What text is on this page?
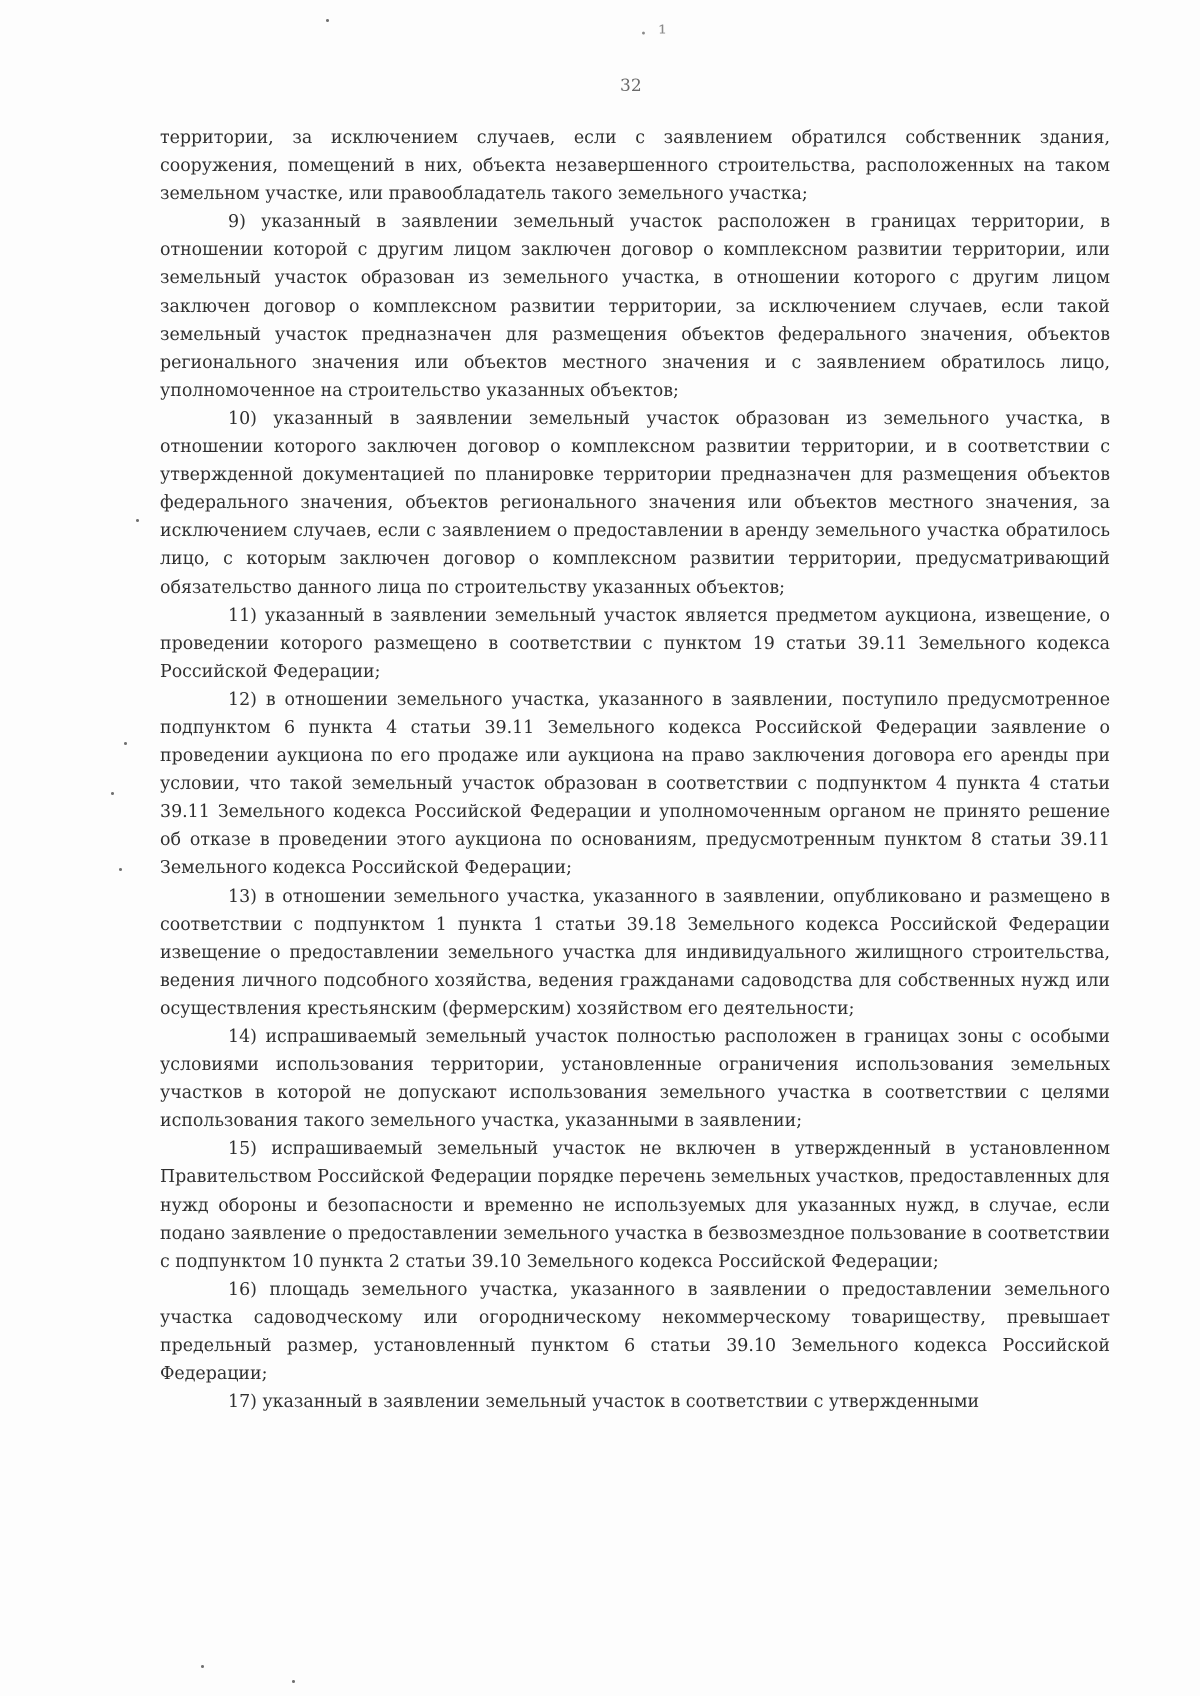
· ¹
32

территории, за исключением случаев, если с заявлением обратился собственник здания, сооружения, помещений в них, объекта незавершенного строительства, расположенных на таком земельном участке, или правообладатель такого земельного участка;

9) указанный в заявлении земельный участок расположен в границах территории, в отношении которой с другим лицом заключен договор о комплексном развитии территории, или земельный участок образован из земельного участка, в отношении которого с другим лицом заключен договор о комплексном развитии территории, за исключением случаев, если такой земельный участок предназначен для размещения объектов федерального значения, объектов регионального значения или объектов местного значения и с заявлением обратилось лицо, уполномоченное на строительство указанных объектов;

10) указанный в заявлении земельный участок образован из земельного участка, в отношении которого заключен договор о комплексном развитии территории, и в соответствии с утвержденной документацией по планировке территории предназначен для размещения объектов федерального значения, объектов регионального значения или объектов местного значения, за исключением случаев, если с заявлением о предоставлении в аренду земельного участка обратилось лицо, с которым заключен договор о комплексном развитии территории, предусматривающий обязательство данного лица по строительству указанных объектов;

11) указанный в заявлении земельный участок является предметом аукциона, извещение, о проведении которого размещено в соответствии с пунктом 19 статьи 39.11 Земельного кодекса Российской Федерации;

12) в отношении земельного участка, указанного в заявлении, поступило предусмотренное подпунктом 6 пункта 4 статьи 39.11 Земельного кодекса Российской Федерации заявление о проведении аукциона по его продаже или аукциона на право заключения договора его аренды при условии, что такой земельный участок образован в соответствии с подпунктом 4 пункта 4 статьи 39.11 Земельного кодекса Российской Федерации и уполномоченным органом не принято решение об отказе в проведении этого аукциона по основаниям, предусмотренным пунктом 8 статьи 39.11 Земельного кодекса Российской Федерации;

13) в отношении земельного участка, указанного в заявлении, опубликовано и размещено в соответствии с подпунктом 1 пункта 1 статьи 39.18 Земельного кодекса Российской Федерации извещение о предоставлении земельного участка для индивидуального жилищного строительства, ведения личного подсобного хозяйства, ведения гражданами садоводства для собственных нужд или осуществления крестьянским (фермерским) хозяйством его деятельности;

14) испрашиваемый земельный участок полностью расположен в границах зоны с особыми условиями использования территории, установленные ограничения использования земельных участков в которой не допускают использования земельного участка в соответствии с целями использования такого земельного участка, указанными в заявлении;

15) испрашиваемый земельный участок не включен в утвержденный в установленном Правительством Российской Федерации порядке перечень земельных участков, предоставленных для нужд обороны и безопасности и временно не используемых для указанных нужд, в случае, если подано заявление о предоставлении земельного участка в безвозмездное пользование в соответствии с подпунктом 10 пункта 2 статьи 39.10 Земельного кодекса Российской Федерации;

16) площадь земельного участка, указанного в заявлении о предоставлении земельного участка садоводческому или огородническому некоммерческому товариществу, превышает предельный размер, установленный пунктом 6 статьи 39.10 Земельного кодекса Российской Федерации;

17) указанный в заявлении земельный участок в соответствии с утвержденными
